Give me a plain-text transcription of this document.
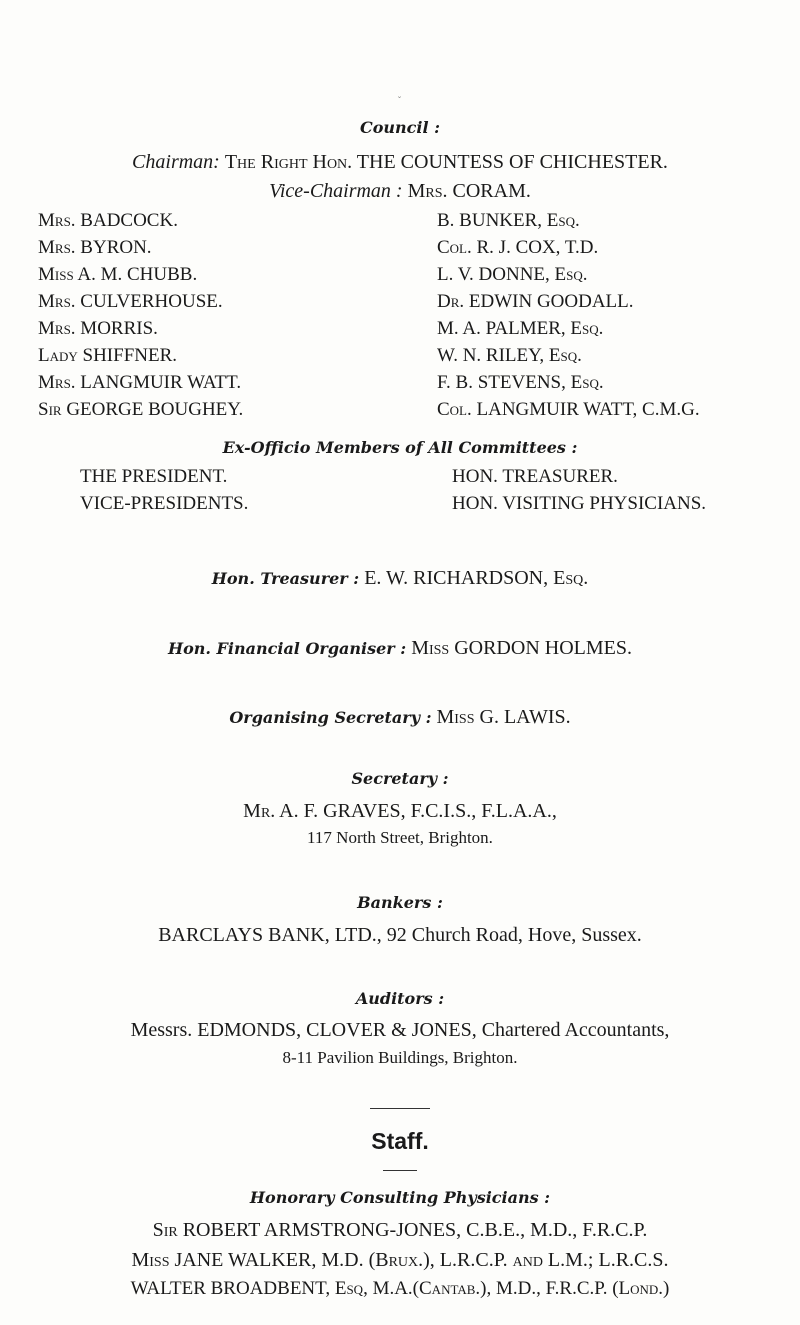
˘
Council :
Chairman: The Right Hon. THE COUNTESS OF CHICHESTER.
Vice-Chairman : Mrs. CORAM.
Mrs. BADCOCK.
Mrs. BYRON.
Miss A. M. CHUBB.
Mrs. CULVERHOUSE.
Mrs. MORRIS.
Lady SHIFFNER.
Mrs. LANGMUIR WATT.
Sir GEORGE BOUGHEY.
B. BUNKER, Esq.
Col. R. J. COX, T.D.
L. V. DONNE, Esq.
Dr. EDWIN GOODALL.
M. A. PALMER, Esq.
W. N. RILEY, Esq.
F. B. STEVENS, Esq.
Col. LANGMUIR WATT, C.M.G.
Ex-Officio Members of All Committees :
THE PRESIDENT.
VICE-PRESIDENTS.
HON. TREASURER.
HON. VISITING PHYSICIANS.
Hon. Treasurer : E. W. RICHARDSON, Esq.
Hon. Financial Organiser : Miss GORDON HOLMES.
Organising Secretary : Miss G. LAWIS.
Secretary :
Mr. A. F. GRAVES, F.C.I.S., F.L.A.A.,
117 North Street, Brighton.
Bankers :
BARCLAYS BANK, LTD., 92 Church Road, Hove, Sussex.
Auditors :
Messrs. EDMONDS, CLOVER & JONES, Chartered Accountants,
8-11 Pavilion Buildings, Brighton.
Staff.
Honorary Consulting Physicians :
Sir ROBERT ARMSTRONG-JONES, C.B.E., M.D., F.R.C.P.
Miss JANE WALKER, M.D. (Brux.), L.R.C.P. and L.M.; L.R.C.S.
WALTER BROADBENT, Esq, M.A.(Cantab.), M.D., F.R.C.P. (Lond.)
